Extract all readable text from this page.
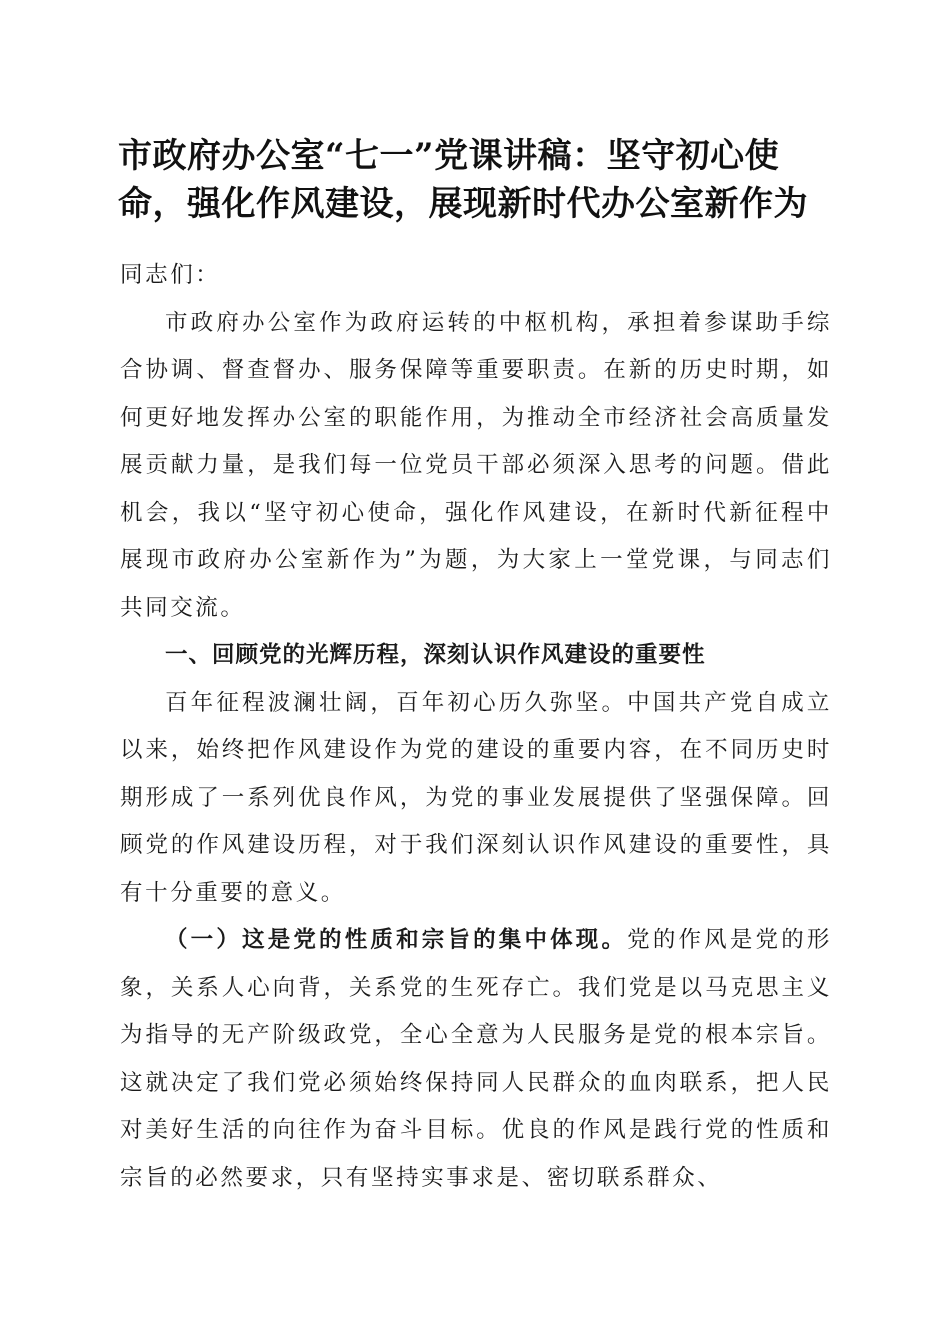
市政府办公室“七一”党课讲稿：坚守初心使命，强化作风建设，展现新时代办公室新作为

同志们：

市政府办公室作为政府运转的中枢机构，承担着参谋助手综合协调、督查督办、服务保障等重要职责。在新的历史时期，如何更好地发挥办公室的职能作用，为推动全市经济社会高质量发展贡献力量，是我们每一位党员干部必须深入思考的问题。借此机会，我以“坚守初心使命，强化作风建设，在新时代新征程中展现市政府办公室新作为”为题，为大家上一堂党课，与同志们共同交流。

一、回顾党的光辉历程，深刻认识作风建设的重要性

百年征程波澜壮阔，百年初心历久弥坚。中国共产党自成立以来，始终把作风建设作为党的建设的重要内容，在不同历史时期形成了一系列优良作风，为党的事业发展提供了坚强保障。回顾党的作风建设历程，对于我们深刻认识作风建设的重要性，具有十分重要的意义。

（一）这是党的性质和宗旨的集中体现。党的作风是党的形象，关系人心向背，关系党的生死存亡。我们党是以马克思主义为指导的无产阶级政党，全心全意为人民服务是党的根本宗旨。这就决定了我们党必须始终保持同人民群众的血肉联系，把人民对美好生活的向往作为奋斗目标。优良的作风是践行党的性质和宗旨的必然要求，只有坚持实事求是、密切联系群众、
